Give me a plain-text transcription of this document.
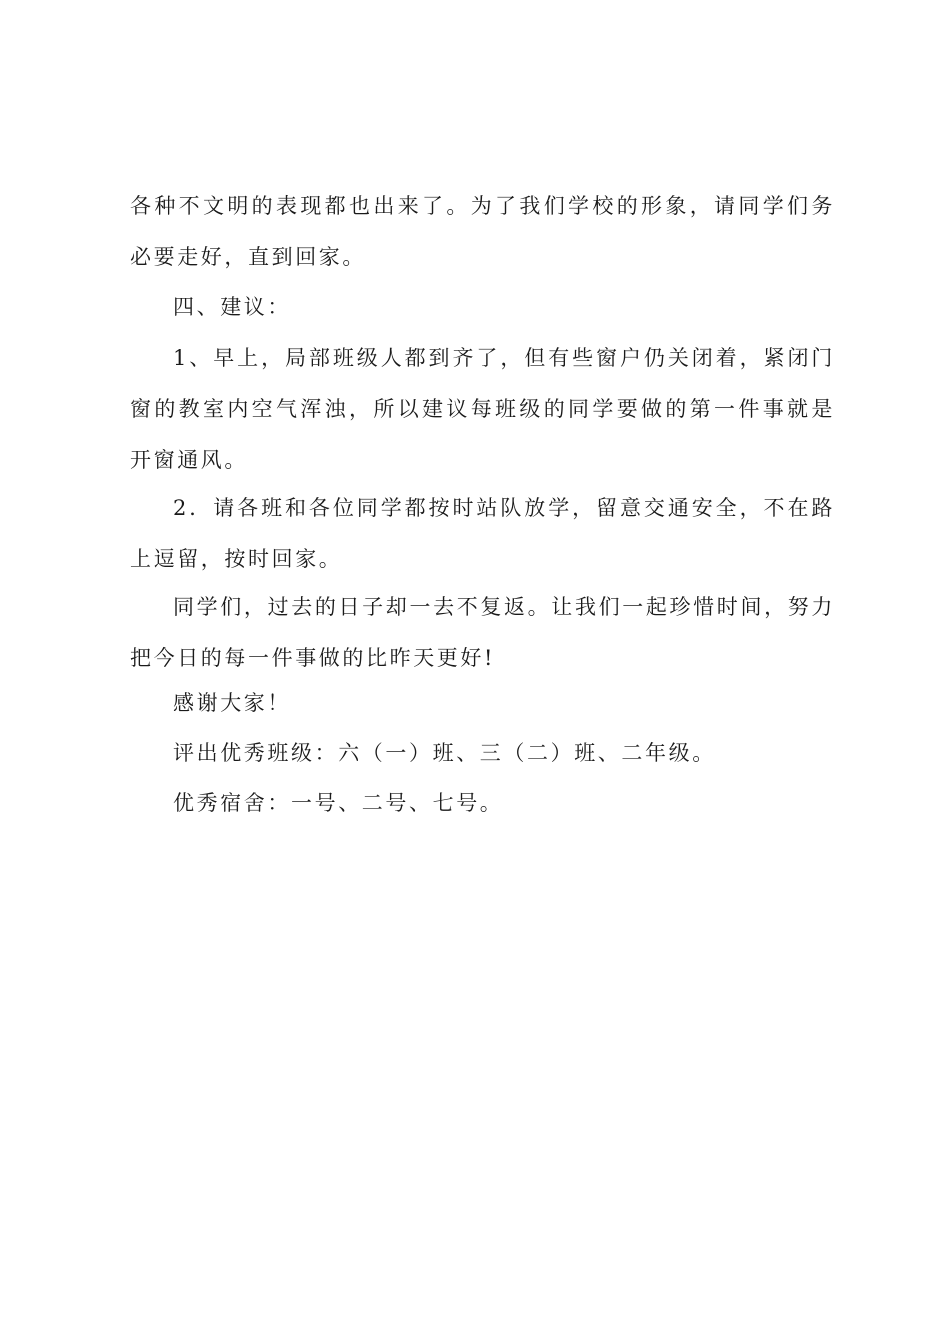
各种不文明的表现都也出来了。为了我们学校的形象，请同学们务必要走好，直到回家。

四、建议：

1、早上，局部班级人都到齐了，但有些窗户仍关闭着，紧闭门窗的教室内空气浑浊，所以建议每班级的同学要做的第一件事就是开窗通风。

2．请各班和各位同学都按时站队放学，留意交通安全，不在路上逗留，按时回家。

同学们，过去的日子却一去不复返。让我们一起珍惜时间，努力把今日的每一件事做的比昨天更好!

感谢大家！

评出优秀班级：六（一）班、三（二）班、二年级。

优秀宿舍：一号、二号、七号。
